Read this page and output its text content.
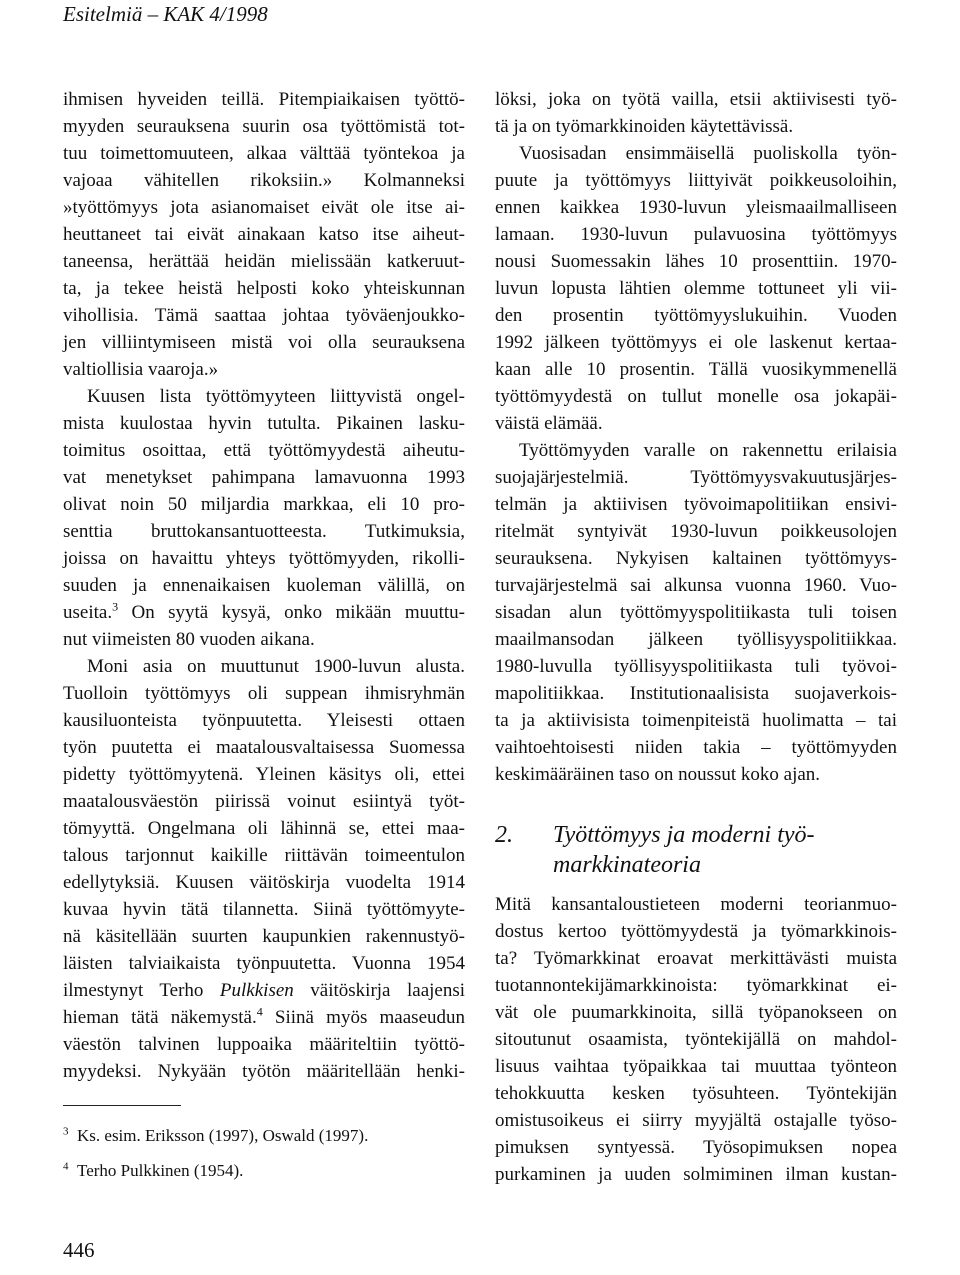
Esitelmiä – KAK 4/1998
ihmisen hyveiden teillä. Pitempiaikaisen työttö-
myyden seurauksena suurin osa työttömistä tot-
tuu toimettomuuteen, alkaa välttää työntekoa ja
vajoaa vähitellen rikoksiin.» Kolmanneksi
»työttömyys jota asianomaiset eivät ole itse ai-
heuttaneet tai eivät ainakaan katso itse aiheut-
taneensa, herättää heidän mielissään katkeruut-
ta, ja tekee heistä helposti koko yhteiskunnan
vihollisia. Tämä saattaa johtaa työväenjoukko-
jen villiintymiseen mistä voi olla seurauksena
valtiollisia vaaroja.»
Kuusen lista työttömyyteen liittyvistä ongel-
mista kuulostaa hyvin tutulta. Pikainen lasku-
toimitus osoittaa, että työttömyydestä aiheutu-
vat menetykset pahimpana lamavuonna 1993
olivat noin 50 miljardia markkaa, eli 10 pro-
senttia bruttokansantuotteesta. Tutkimuksia,
joissa on havaittu yhteys työttömyyden, rikolli-
suuden ja ennenaikaisen kuoleman välillä, on
useita.$^3$ On syytä kysyä, onko mikään muuttu-
nut viimeisten 80 vuoden aikana.
Moni asia on muuttunut 1900-luvun alusta.
Tuolloin työttömyys oli suppean ihmisryhmän
kausiluonteista työnpuutetta. Yleisesti ottaen
työn puutetta ei maatalousvaltaisessa Suomessa
pidetty työttömyytenä. Yleinen käsitys oli, ettei
maatalousväestön piirissä voinut esiintyä työt-
tömyyttä. Ongelmana oli lähinnä se, ettei maa-
talous tarjonnut kaikille riittävän toimeentulon
edellytyksiä. Kuusen väitöskirja vuodelta 1914
kuvaa hyvin tätä tilannetta. Siinä työttömyyte-
nä käsitellään suurten kaupunkien rakennustyö-
läisten talviaikaista työnpuutetta. Vuonna 1954
ilmestynyt Terho Pulkkisen väitöskirja laajensi
hieman tätä näkemystä.$^4$ Siinä myös maaseudun
väestön talvinen luppoaika määriteltiin työttö-
myydeksi. Nykyään työtön määritellään henki-
löksi, joka on työtä vailla, etsii aktiivisesti työ-
tä ja on työmarkkinoiden käytettävissä.
Vuosisadan ensimmäisellä puoliskolla työn-
puute ja työttömyys liittyivät poikkeusoloihin,
ennen kaikkea 1930-luvun yleismaailmalliseen
lamaan. 1930-luvun pulavuosina työttömyys
nousi Suomessakin lähes 10 prosenttiin. 1970-
luvun lopusta lähtien olemme tottuneet yli vii-
den prosentin työttömyyslukuihin. Vuoden
1992 jälkeen työttömyys ei ole laskenut kertaa-
kaan alle 10 prosentin. Tällä vuosikymmenellä
työttömyydestä on tullut monelle osa jokapäi-
väistä elämää.
Työttömyyden varalle on rakennettu erilaisia
suojajärjestelmiä. Työttömyysvakuutusjärjes-
telmän ja aktiivisen työvoimapolitiikan ensivi-
ritelmät syntyivät 1930-luvun poikkeusolojen
seurauksena. Nykyisen kaltainen työttömyys-
turvajärjestelmä sai alkunsa vuonna 1960. Vuo-
sisadan alun työttömyyspolitiikasta tuli toisen
maailmansodan jälkeen työllisyyspolitiikkaa.
1980-luvulla työllisyyspolitiikasta tuli työvoi-
mapolitiikkaa. Institutionaalisista suojaverkois-
ta ja aktiivisista toimenpiteistä huolimatta – tai
vaihtoehtoisesti niiden takia – työttömyyden
keskimääräinen taso on noussut koko ajan.
2. Työttömyys ja moderni työ-
markkinateoria
Mitä kansantaloustieteen moderni teorianmuo-
dostus kertoo työttömyydestä ja työmarkkinois-
ta? Työmarkkinat eroavat merkittävästi muista
tuotannontekijämarkkinoista: työmarkkinat ei-
vät ole puumarkkinoita, sillä työpanokseen on
sitoutunut osaamista, työntekijällä on mahdol-
lisuus vaihtaa työpaikkaa tai muuttaa työnteon
tehokkuutta kesken työsuhteen. Työntekijän
omistusoikeus ei siirry myyjältä ostajalle työso-
pimuksen syntyessä. Työsopimuksen nopea
purkaminen ja uuden solmiminen ilman kustan-
$^3$ Ks. esim. Eriksson (1997), Oswald (1997).
$^4$ Terho Pulkkinen (1954).
446
